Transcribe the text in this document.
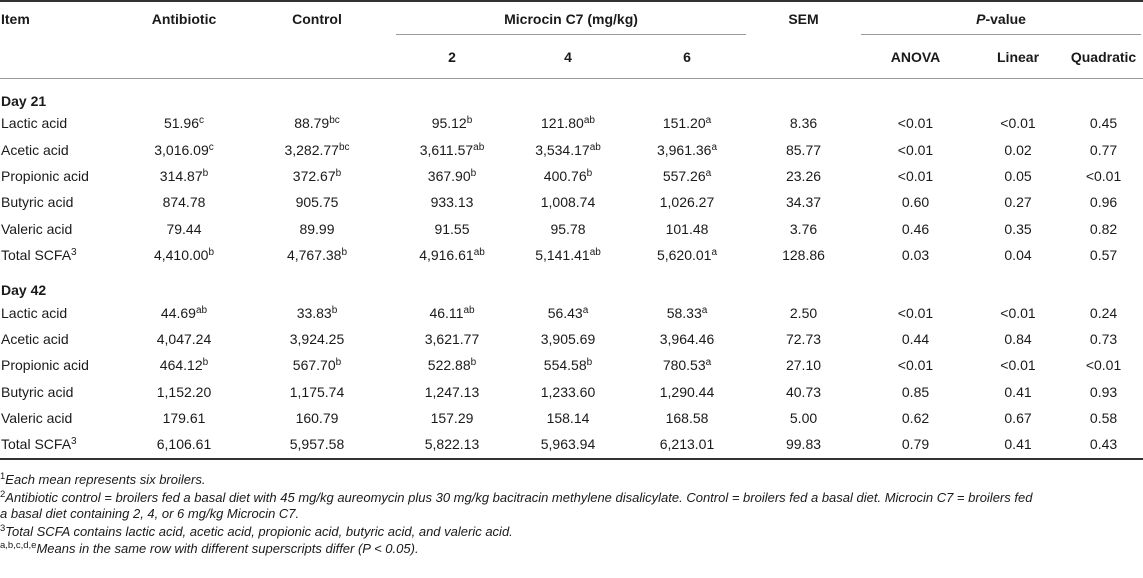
Item	Antibiotic	Control	Microcin C7 (mg/kg)			SEM	P-value		
			2	4	6		ANOVA	Linear	Quadratic
Day 21									
Lactic acid	51.96$^c$	88.79$^{bc}$	95.12$^b$	121.80$^{ab}$	151.20$^a$	8.36	<0.01	<0.01	0.45
Acetic acid	3,016.09$^c$	3,282.77$^{bc}$	3,611.57$^{ab}$	3,534.17$^{ab}$	3,961.36$^a$	85.77	<0.01	0.02	0.77
Propionic acid	314.87$^b$	372.67$^b$	367.90$^b$	400.76$^b$	557.26$^a$	23.26	<0.01	0.05	<0.01
Butyric acid	874.78	905.75	933.13	1,008.74	1,026.27	34.37	0.60	0.27	0.96
Valeric acid	79.44	89.99	91.55	95.78	101.48	3.76	0.46	0.35	0.82
Total SCFA$^3$	4,410.00$^b$	4,767.38$^b$	4,916.61$^{ab}$	5,141.41$^{ab}$	5,620.01$^a$	128.86	0.03	0.04	0.57
Day 42									
Lactic acid	44.69$^{ab}$	33.83$^b$	46.11$^{ab}$	56.43$^a$	58.33$^a$	2.50	<0.01	<0.01	0.24
Acetic acid	4,047.24	3,924.25	3,621.77	3,905.69	3,964.46	72.73	0.44	0.84	0.73
Propionic acid	464.12$^b$	567.70$^b$	522.88$^b$	554.58$^b$	780.53$^a$	27.10	<0.01	<0.01	<0.01
Butyric acid	1,152.20	1,175.74	1,247.13	1,233.60	1,290.44	40.73	0.85	0.41	0.93
Valeric acid	179.61	160.79	157.29	158.14	168.58	5.00	0.62	0.67	0.58
Total SCFA$^3$	6,106.61	5,957.58	5,822.13	5,963.94	6,213.01	99.83	0.79	0.41	0.43

$^1$Each mean represents six broilers.

$^2$Antibiotic control = broilers fed a basal diet with 45 mg/kg aureomycin plus 30 mg/kg bacitracin methylene disalicylate. Control = broilers fed a basal diet. Microcin C7 = broilers fed
a basal diet containing 2, 4, or 6 mg/kg Microcin C7.

$^3$Total SCFA contains lactic acid, acetic acid, propionic acid, butyric acid, and valeric acid.

$^{a,b,c,d,e}$Means in the same row with different superscripts differ (P < 0.05).
